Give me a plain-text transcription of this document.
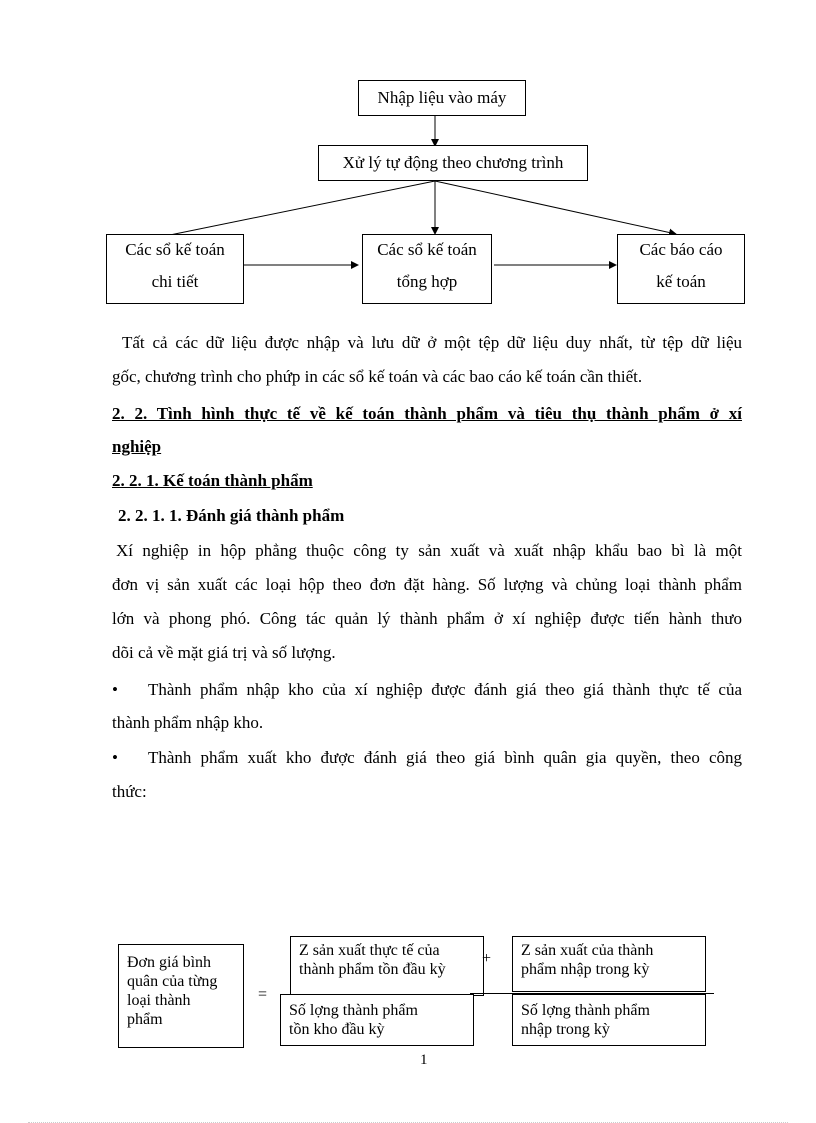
Nhập liệu vào máy
Xử lý tự động theo chương trình
Các sổ kế toán
chi tiết
Các sổ kế toán
tổng hợp
Các báo cáo
kế toán
Tất cả các dữ liệu được nhập và lưu dữ ở một tệp dữ liệu duy nhất, từ tệp dữ liệu
gốc, chương trình cho phứp in các sổ kế toán và các bao cáo kế toán cần thiết.
2. 2. Tình hình thực tế về kế toán thành phẩm và tiêu thụ thành phẩm ở xí
nghiệp
2. 2. 1. Kế toán thành phẩm
2. 2. 1. 1. Đánh giá thành phẩm
Xí nghiệp in hộp phẳng thuộc công ty sản xuất và xuất nhập khẩu bao bì là một
đơn vị sản xuất các loại hộp theo đơn đặt hàng. Số lượng và chủng loại thành phẩm
lớn và phong phó. Công tác quản lý thành phẩm ở xí nghiệp được tiến hành thưo
dõi cả về mặt giá trị và số lượng.
• Thành phẩm nhập kho của xí nghiệp được đánh giá theo giá thành thực tế của
thành phẩm nhập kho.
• Thành phẩm xuất kho được đánh giá theo giá bình quân gia quyền, theo công
thức:
Đơn giá bình
quân của từng
loại thành
phẩm
=
Z sản xuất thực tế của
thành phẩm tồn đầu kỳ
+ Z sản xuất của thành
phẩm nhập trong kỳ
Số lợng thành phẩm
tồn kho đầu kỳ
Số lợng thành phẩm
nhập trong kỳ
1
